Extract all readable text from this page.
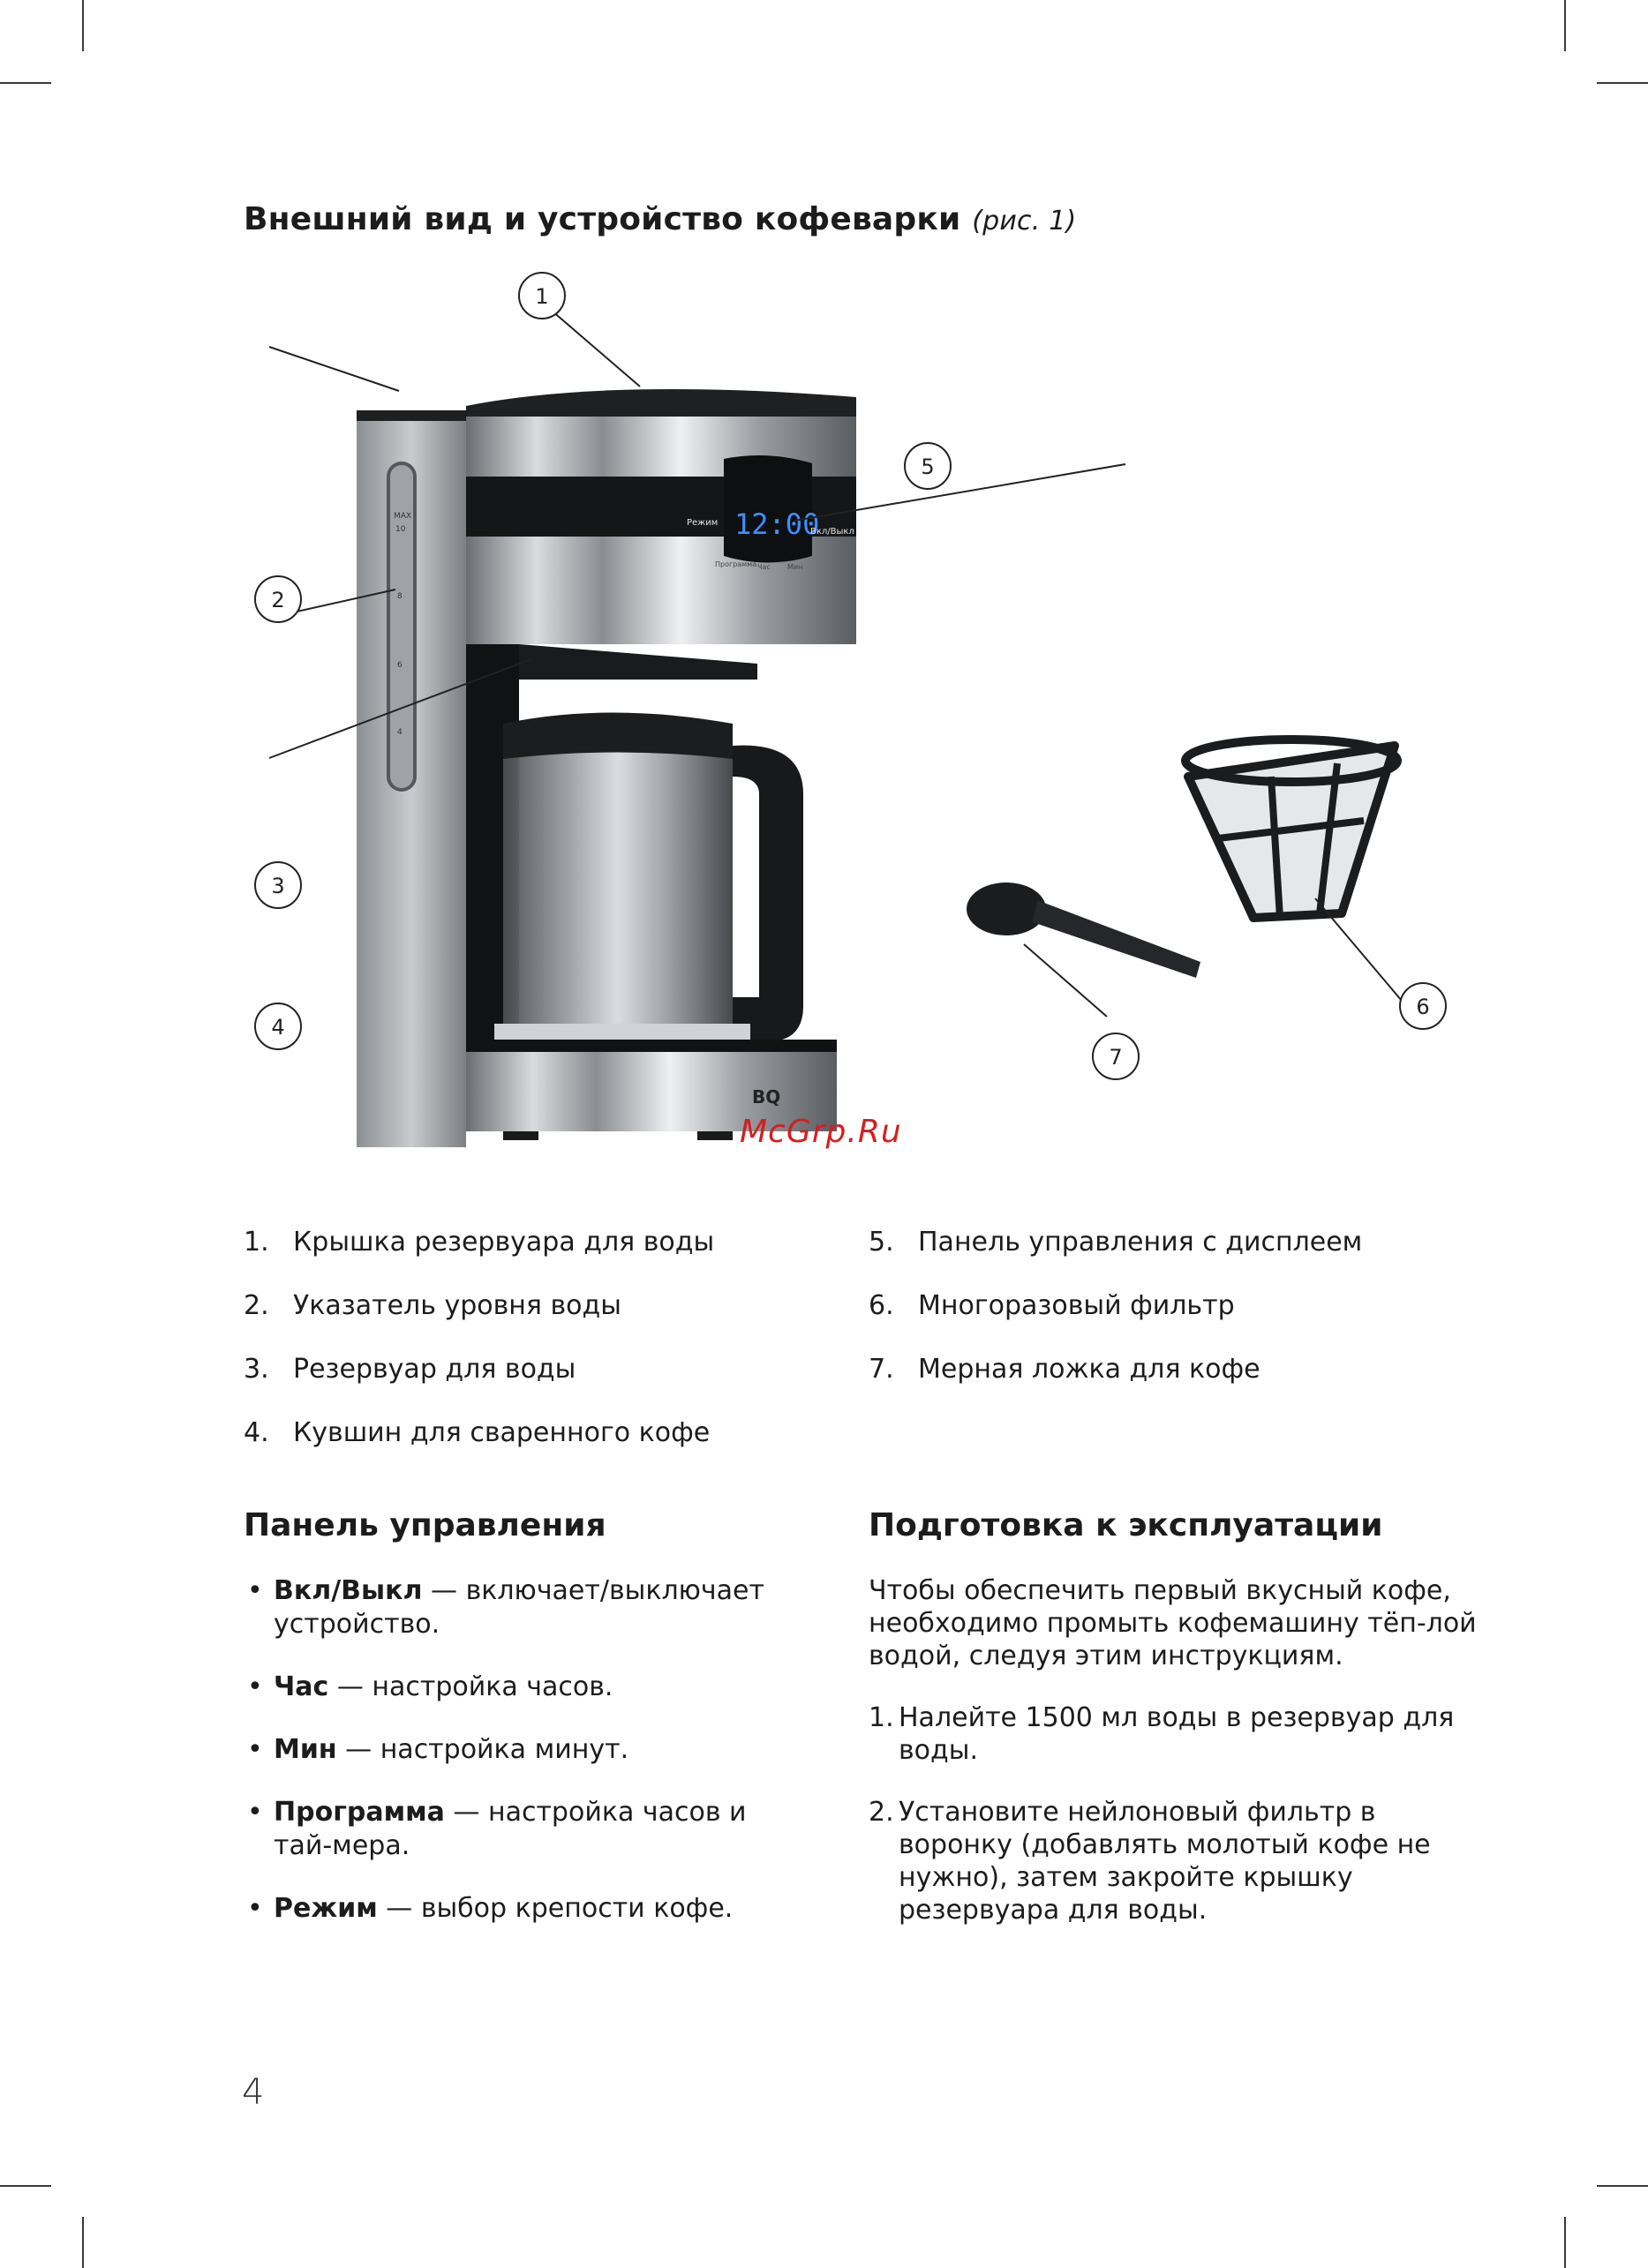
Внешний вид и устройство кофеварки (рис. 1)
MAX
10
8
6
4
12:00
Режим
Вкл/Выкл
Программа Час Мин
BQ
1
2
3
4
5
6
7
McGrp.Ru
1. Крышка резервуара для воды
2. Указатель уровня воды
3. Резервуар для воды
4. Кувшин для сваренного кофе
5. Панель управления с дисплеем
6. Многоразовый фильтр
7. Мерная ложка для кофе
Панель управления
• Вкл/Выкл — включает/выключает устройство.
• Час — настройка часов.
• Мин — настройка минут.
• Программа — настройка часов и тай-мера.
• Режим — выбор крепости кофе.
Подготовка к эксплуатации
Чтобы обеспечить первый вкусный кофе, необходимо промыть кофемашину тёп-лой водой, следуя этим инструкциям.
1. Налейте 1500 мл воды в резервуар для воды.
2. Установите нейлоновый фильтр в воронку (добавлять молотый кофе не нужно), затем закройте крышку резервуара для воды.
4
